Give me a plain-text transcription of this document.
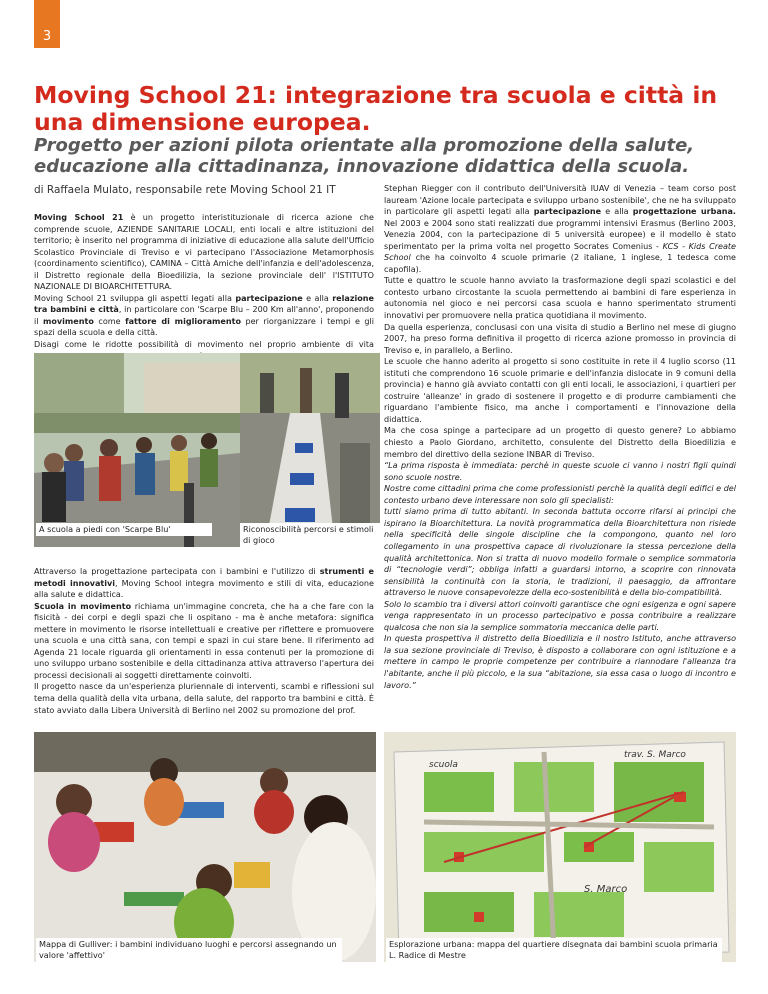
3
Moving School 21: integrazione tra scuola e città in una dimensione europea.
Progetto per azioni pilota orientate alla promozione della salute, educazione alla cittadinanza, innovazione didattica della scuola.
di Raffaela Mulato, responsabile rete Moving School 21 IT

Moving School 21 è un progetto interistituzionale di ricerca azione che comprende scuole, AZIENDE SANITARIE LOCALI, enti locali e altre istituzioni del territorio; è inserito nel programma di iniziative di educazione alla salute dell'Ufficio Scolastico Provinciale di Treviso e vi partecipano l'Associazione Metamorphosis (coordinamento scientifico), CAMINA – Città Amiche dell'infanzia e dell'adolescenza, il Distretto regionale della Bioedilizia, la sezione provinciale dell' l'ISTITUTO NAZIONALE DI BIOARCHITETTURA.

Moving School 21 sviluppa gli aspetti legati alla partecipazione e alla relazione tra bambini e città, in particolare con 'Scarpe Blu – 200 Km all'anno', proponendo il movimento come fattore di miglioramento per riorganizzare i tempi e gli spazi della scuola e della città.

Disagi come le ridotte possibilità di movimento nel proprio ambiente di vita

A scuola a piedi con 'Scarpe Blu'	Riconoscibilità percorsi e stimoli di gioco

Attraverso la progettazione partecipata con i bambini e l'utilizzo di strumenti e metodi innovativi, Moving School integra movimento e stili di vita, educazione alla salute e didattica.

Scuola in movimento richiama un'immagine concreta, che ha a che fare con la fisicità - dei corpi e degli spazi che li ospitano - ma è anche metafora: significa mettere in movimento le risorse intellettuali e creative per riflettere e promuovere una scuola e una città sana, con tempi e spazi in cui stare bene. Il riferimento ad Agenda 21 locale riguarda gli orientamenti in essa contenuti per la promozione di uno sviluppo urbano sostenibile e della cittadinanza attiva attraverso l'apertura dei processi decisionali ai soggetti direttamente coinvolti.

Il progetto nasce da un'esperienza pluriennale di interventi, scambi e riflessioni sul tema della qualità della vita urbana, della salute, del rapporto tra bambini e città. È stato avviato dalla Libera Università di Berlino nel 2002 su promozione del prof.

Stephan Riegger con il contributo dell'Università IUAV di Venezia – team corso post lauream 'Azione locale partecipata e sviluppo urbano sostenibile', che ne ha sviluppato in particolare gli aspetti legati alla partecipazione e alla progettazione urbana. Nel 2003 e 2004 sono stati realizzati due programmi intensivi Erasmus (Berlino 2003, Venezia 2004, con la partecipazione di 5 università europee) e il modello è stato sperimentato per la prima volta nel progetto Socrates Comenius - KCS - Kids Create School che ha coinvolto 4 scuole primarie (2 italiane, 1 inglese, 1 tedesca come capofila).

Tutte e quattro le scuole hanno avviato la trasformazione degli spazi scolastici e del contesto urbano circostante la scuola permettendo ai bambini di fare esperienza in autonomia nel gioco e nei percorsi casa scuola e hanno sperimentato strumenti innovativi per promuovere nella pratica quotidiana il movimento.

Da quella esperienza, conclusasi con una visita di studio a Berlino nel mese di giugno 2007, ha preso forma definitiva il progetto di ricerca azione promosso in provincia di Treviso e, in parallelo, a Berlino.

Le scuole che hanno aderito al progetto si sono costituite in rete il 4 luglio scorso (11 istituti che comprendono 16 scuole primarie e dell'infanzia dislocate in 9 comuni della provincia) e hanno già avviato contatti con gli enti locali, le associazioni, i quartieri per costruire 'alleanze' in grado di sostenere il progetto e di produrre cambiamenti che riguardano l'ambiente fisico, ma anche i comportamenti e l'innovazione della didattica.

Ma che cosa spinge a partecipare ad un progetto di questo genere? Lo abbiamo chiesto a Paolo Giordano, architetto, consulente del Distretto della Bioedilizia e membro del direttivo della sezione INBAR di Treviso.

“La prima risposta è immediata: perchè in queste scuole ci vanno i nostri figli quindi sono scuole nostre.

Nostre come cittadini prima che come professionisti perchè la qualità degli edifici e del contesto urbano deve interessare non solo gli specialisti:

tutti siamo prima di tutto abitanti. In seconda battuta occorre rifarsi ai principi che ispirano la Bioarchitettura. La novità programmatica della Bioarchitettura non risiede nella specificità delle singole discipline che la compongono, quanto nel loro collegamento in una prospettiva capace di rivoluzionare la stessa percezione della qualità architettonica. Non si tratta di nuovo modello formale o semplice sommatoria di “tecnologie verdi”; obbliga infatti a guardarsi intorno, a scoprire con rinnovata sensibilità la continuità con la storia, le tradizioni, il paesaggio, da affrontare attraverso le nuove consapevolezze della eco-sostenibilità e della bio-compatibilità.

Solo lo scambio tra i diversi attori coinvolti garantisce che ogni esigenza e ogni sapere venga rappresentato in un processo partecipativo e possa contribuire a realizzare qualcosa che non sia la semplice sommatoria meccanica delle parti.

In questa prospettiva il distretto della Bioedilizia e il nostro Istituto, anche attraverso la sua sezione provinciale di Treviso, è disposto a collaborare con ogni istituzione e a mettere in campo le proprie competenze per contribuire a riannodare l'alleanza tra l'abitante, anche il più piccolo, e la sua “abitazione, sia essa casa o luogo di incontro e lavoro.”

Mappa di Gulliver: i bambini individuano luoghi e percorsi assegnando un valore 'affettivo'
S. Marco
scuola
trav. S. Marco
Esplorazione urbana: mappa del quartiere disegnata dai bambini scuola primaria L. Radice di Mestre
